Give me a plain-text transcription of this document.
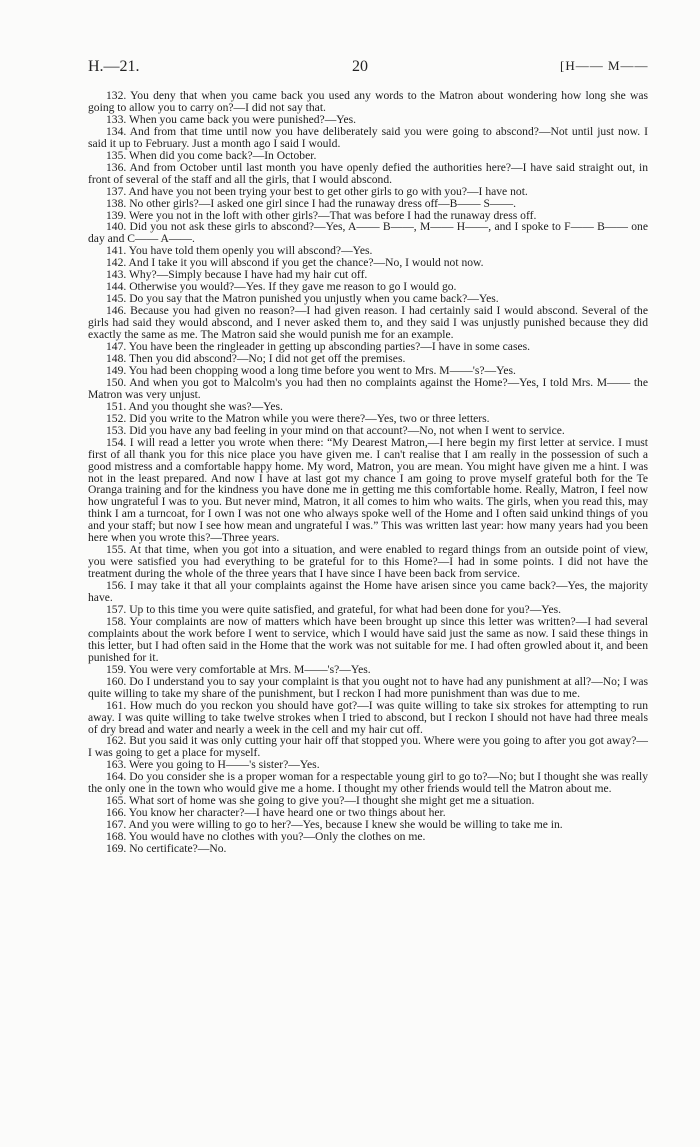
H.—21.	20	[H—— M——

132. You deny that when you came back you used any words to the Matron about wondering how long she was going to allow you to carry on?—I did not say that.

133. When you came back you were punished?—Yes.

134. And from that time until now you have deliberately said you were going to abscond?—Not until just now. I said it up to February. Just a month ago I said I would.

135. When did you come back?—In October.

136. And from October until last month you have openly defied the authorities here?—I have said straight out, in front of several of the staff and all the girls, that I would abscond.

137. And have you not been trying your best to get other girls to go with you?—I have not.

138. No other girls?—I asked one girl since I had the runaway dress off—B—— S——.

139. Were you not in the loft with other girls?—That was before I had the runaway dress off.

140. Did you not ask these girls to abscond?—Yes, A—— B——, M—— H——, and I spoke to F—— B—— one day and C—— A——.

141. You have told them openly you will abscond?—Yes.

142. And I take it you will abscond if you get the chance?—No, I would not now.

143. Why?—Simply because I have had my hair cut off.

144. Otherwise you would?—Yes. If they gave me reason to go I would go.

145. Do you say that the Matron punished you unjustly when you came back?—Yes.

146. Because you had given no reason?—I had given reason. I had certainly said I would abscond. Several of the girls had said they would abscond, and I never asked them to, and they said I was unjustly punished because they did exactly the same as me. The Matron said she would punish me for an example.

147. You have been the ringleader in getting up absconding parties?—I have in some cases.

148. Then you did abscond?—No; I did not get off the premises.

149. You had been chopping wood a long time before you went to Mrs. M——'s?—Yes.

150. And when you got to Malcolm's you had then no complaints against the Home?—Yes, I told Mrs. M—— the Matron was very unjust.

151. And you thought she was?—Yes.

152. Did you write to the Matron while you were there?—Yes, two or three letters.

153. Did you have any bad feeling in your mind on that account?—No, not when I went to service.

154. I will read a letter you wrote when there: “My Dearest Matron,—I here begin my first letter at service. I must first of all thank you for this nice place you have given me. I can't realise that I am really in the possession of such a good mistress and a comfortable happy home. My word, Matron, you are mean. You might have given me a hint. I was not in the least prepared. And now I have at last got my chance I am going to prove myself grateful both for the Te Oranga training and for the kindness you have done me in getting me this comfortable home. Really, Matron, I feel now how ungrateful I was to you. But never mind, Matron, it all comes to him who waits. The girls, when you read this, may think I am a turncoat, for I own I was not one who always spoke well of the Home and I often said unkind things of you and your staff; but now I see how mean and ungrateful I was.” This was written last year: how many years had you been here when you wrote this?—Three years.

155. At that time, when you got into a situation, and were enabled to regard things from an outside point of view, you were satisfied you had everything to be grateful for to this Home?—I had in some points. I did not have the treatment during the whole of the three years that I have since I have been back from service.

156. I may take it that all your complaints against the Home have arisen since you came back?—Yes, the majority have.

157. Up to this time you were quite satisfied, and grateful, for what had been done for you?—Yes.

158. Your complaints are now of matters which have been brought up since this letter was written?—I had several complaints about the work before I went to service, which I would have said just the same as now. I said these things in this letter, but I had often said in the Home that the work was not suitable for me. I had often growled about it, and been punished for it.

159. You were very comfortable at Mrs. M——'s?—Yes.

160. Do I understand you to say your complaint is that you ought not to have had any punishment at all?—No; I was quite willing to take my share of the punishment, but I reckon I had more punishment than was due to me.

161. How much do you reckon you should have got?—I was quite willing to take six strokes for attempting to run away. I was quite willing to take twelve strokes when I tried to abscond, but I reckon I should not have had three meals of dry bread and water and nearly a week in the cell and my hair cut off.

162. But you said it was only cutting your hair off that stopped you. Where were you going to after you got away?—I was going to get a place for myself.

163. Were you going to H——'s sister?—Yes.

164. Do you consider she is a proper woman for a respectable young girl to go to?—No; but I thought she was really the only one in the town who would give me a home. I thought my other friends would tell the Matron about me.

165. What sort of home was she going to give you?—I thought she might get me a situation.

166. You know her character?—I have heard one or two things about her.

167. And you were willing to go to her?—Yes, because I knew she would be willing to take me in.

168. You would have no clothes with you?—Only the clothes on me.

169. No certificate?—No.
